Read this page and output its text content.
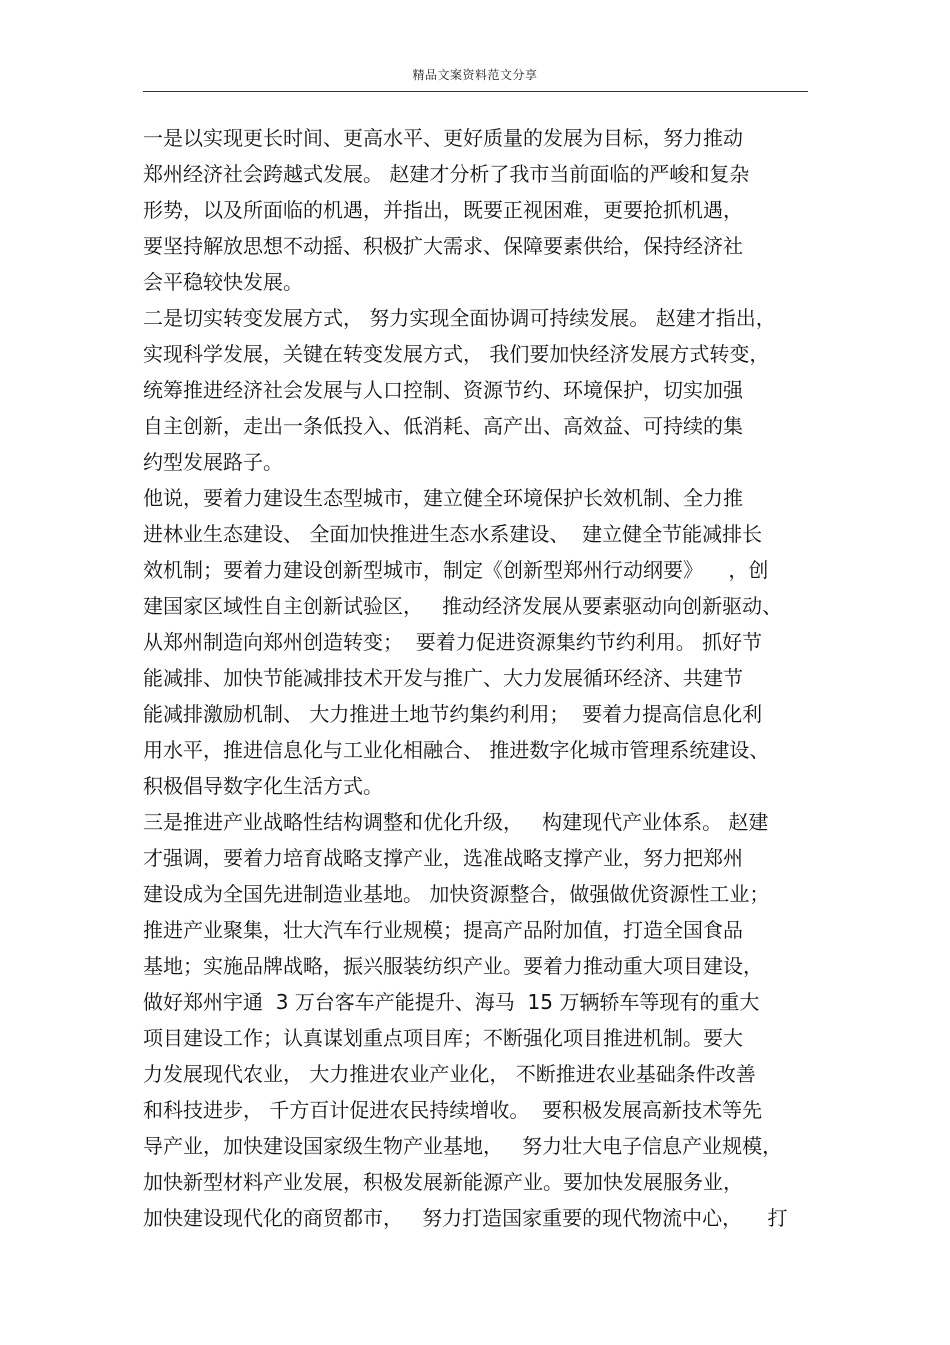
精品文案资料范文分享
一是以实现更长时间、更高水平、更好质量的发展为目标，努力推动
郑州经济社会跨越式发展。 赵建才分析了我市当前面临的严峻和复杂
形势，以及所面临的机遇，并指出，既要正视困难，更要抢抓机遇，
要坚持解放思想不动摇、积极扩大需求、保障要素供给，保持经济社
会平稳较快发展。
二是切实转变发展方式， 努力实现全面协调可持续发展。 赵建才指出，
实现科学发展，关键在转变发展方式， 我们要加快经济发展方式转变，
统筹推进经济社会发展与人口控制、资源节约、环境保护，切实加强
自主创新，走出一条低投入、低消耗、高产出、高效益、可持续的集
约型发展路子。
他说，要着力建设生态型城市，建立健全环境保护长效机制、全力推
进林业生态建设、 全面加快推进生态水系建设、  建立健全节能减排长
效机制；要着力建设创新型城市，制定《创新型郑州行动纲要》    ，创
建国家区域性自主创新试验区，   推动经济发展从要素驱动向创新驱动、
从郑州制造向郑州创造转变；  要着力促进资源集约节约利用。 抓好节
能减排、加快节能减排技术开发与推广、大力发展循环经济、共建节
能减排激励机制、 大力推进土地节约集约利用；  要着力提高信息化利
用水平，推进信息化与工业化相融合、 推进数字化城市管理系统建设、
积极倡导数字化生活方式。
三是推进产业战略性结构调整和优化升级，   构建现代产业体系。 赵建
才强调，要着力培育战略支撑产业，选准战略支撑产业，努力把郑州
建设成为全国先进制造业基地。 加快资源整合，做强做优资源性工业；
推进产业聚集，壮大汽车行业规模；提高产品附加值，打造全国食品
基地；实施品牌战略，振兴服装纺织产业。要着力推动重大项目建设，
做好郑州宇通  3 万台客车产能提升、海马  15 万辆轿车等现有的重大
项目建设工作；认真谋划重点项目库；不断强化项目推进机制。要大
力发展现代农业， 大力推进农业产业化， 不断推进农业基础条件改善
和科技进步， 千方百计促进农民持续增收。  要积极发展高新技术等先
导产业，加快建设国家级生物产业基地，   努力壮大电子信息产业规模，
加快新型材料产业发展，积极发展新能源产业。要加快发展服务业，
加快建设现代化的商贸都市，   努力打造国家重要的现代物流中心，    打
